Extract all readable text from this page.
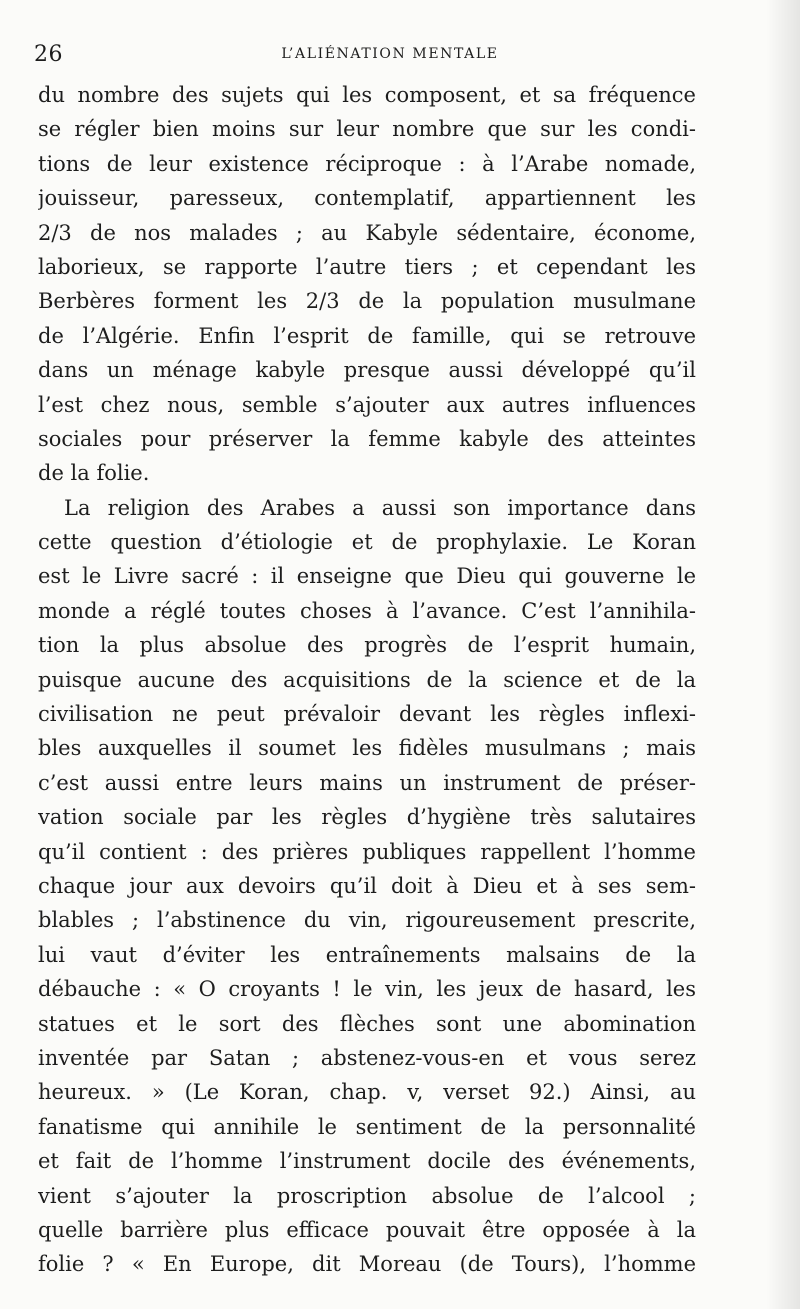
26	L’ALIÉNATION MENTALE
du nombre des sujets qui les composent, et sa fréquence
se régler bien moins sur leur nombre que sur les condi-
tions de leur existence réciproque : à l’Arabe nomade,
jouisseur, paresseux, contemplatif, appartiennent les
2/3 de nos malades ; au Kabyle sédentaire, économe,
laborieux, se rapporte l’autre tiers ; et cependant les
Berbères forment les 2/3 de la population musulmane
de l’Algérie. Enfin l’esprit de famille, qui se retrouve
dans un ménage kabyle presque aussi développé qu’il
l’est chez nous, semble s’ajouter aux autres influences
sociales pour préserver la femme kabyle des atteintes
de la folie.
La religion des Arabes a aussi son importance dans
cette question d’étiologie et de prophylaxie. Le Koran
est le Livre sacré : il enseigne que Dieu qui gouverne le
monde a réglé toutes choses à l’avance. C’est l’annihila-
tion la plus absolue des progrès de l’esprit humain,
puisque aucune des acquisitions de la science et de la
civilisation ne peut prévaloir devant les règles inflexi-
bles auxquelles il soumet les fidèles musulmans ; mais
c’est aussi entre leurs mains un instrument de préser-
vation sociale par les règles d’hygiène très salutaires
qu’il contient : des prières publiques rappellent l’homme
chaque jour aux devoirs qu’il doit à Dieu et à ses sem-
blables ; l’abstinence du vin, rigoureusement prescrite,
lui vaut d’éviter les entraînements malsains de la
débauche : « O croyants ! le vin, les jeux de hasard, les
statues et le sort des flèches sont une abomination
inventée par Satan ; abstenez-vous-en et vous serez
heureux. » (Le Koran, chap. v, verset 92.) Ainsi, au
fanatisme qui annihile le sentiment de la personnalité
et fait de l’homme l’instrument docile des événements,
vient s’ajouter la proscription absolue de l’alcool ;
quelle barrière plus efficace pouvait être opposée à la
folie ? « En Europe, dit Moreau (de Tours), l’homme
